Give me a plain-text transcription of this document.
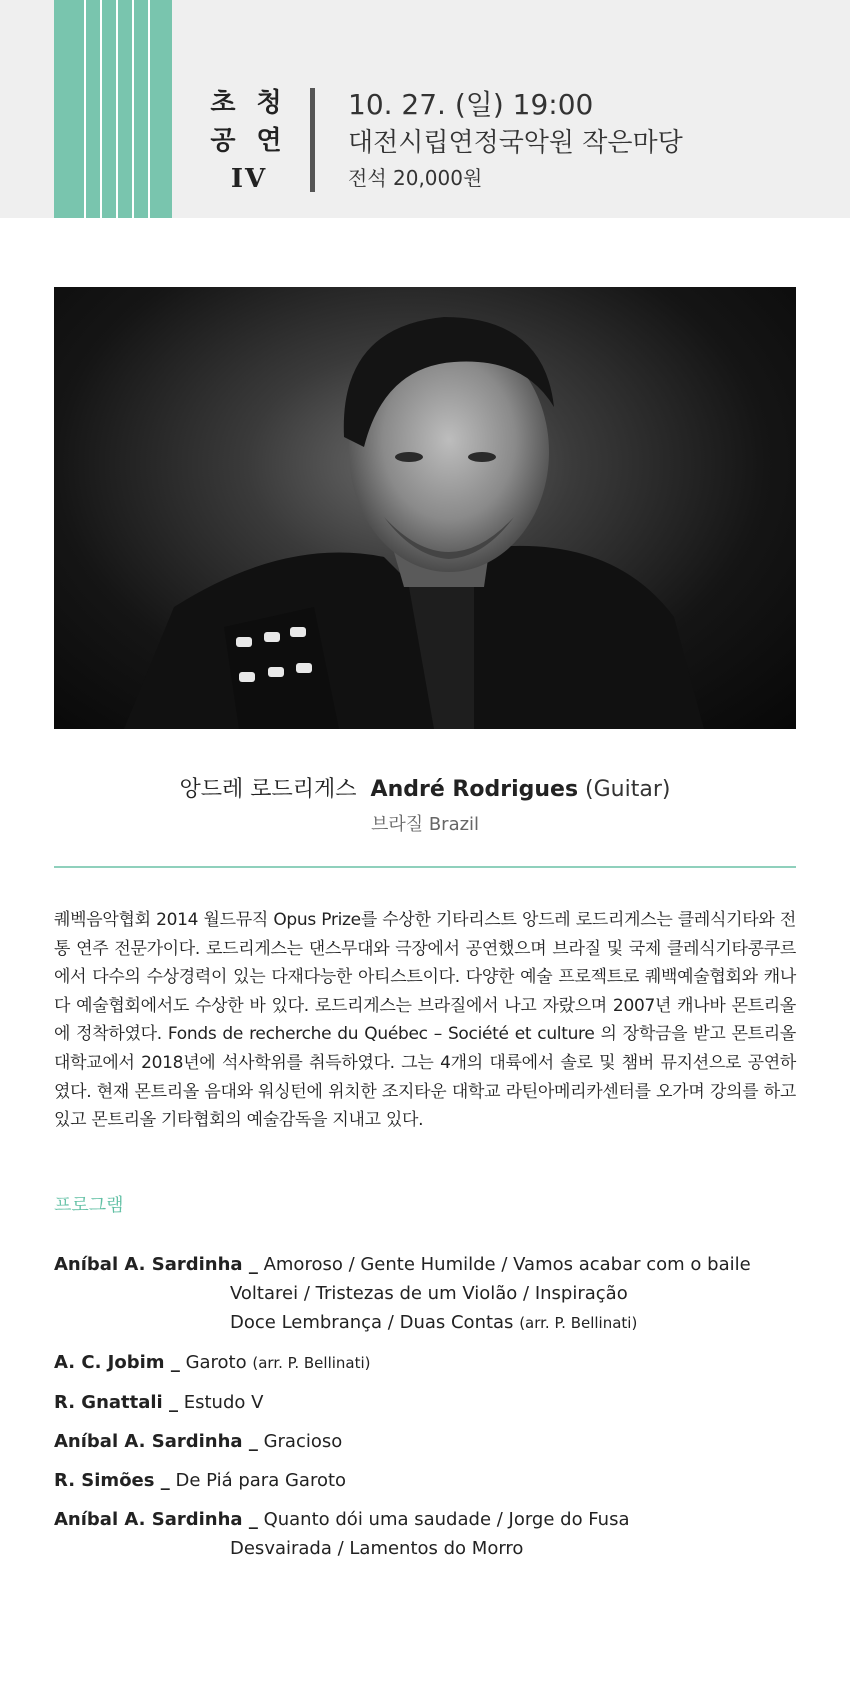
초 청
공 연
IV
10. 27. (일) 19:00
대전시립연정국악원 작은마당
전석 20,000원
앙드레 로드리게스 André Rodrigues (Guitar)
브라질 Brazil

퀘벡음악협회 2014 월드뮤직 Opus Prize를 수상한 기타리스트 앙드레 로드리게스는 클레식기타와 전통 연주 전문가이다. 로드리게스는 댄스무대와 극장에서 공연했으며 브라질 및 국제 클레식기타콩쿠르에서 다수의 수상경력이 있는 다재다능한 아티스트이다. 다양한 예술 프로젝트로 퀘백예술협회와 캐나다 예술협회에서도 수상한 바 있다. 로드리게스는 브라질에서 나고 자랐으며 2007년 캐나바 몬트리올에 정착하였다. Fonds de recherche du Québec – Société et culture 의 장학금을 받고 몬트리올 대학교에서 2018년에 석사학위를 취득하였다. 그는 4개의 대륙에서 솔로 및 챔버 뮤지션으로 공연하였다. 현재 몬트리올 음대와 워싱턴에 위치한 조지타운 대학교 라틴아메리카센터를 오가며 강의를 하고 있고 몬트리올 기타협회의 예술감독을 지내고 있다.

프로그램
Aníbal A. Sardinha _ Amoroso / Gente Humilde / Vamos acabar com o baile
Voltarei / Tristezas de um Violão / Inspiração
Doce Lembrança / Duas Contas (arr. P. Bellinati)
A. C. Jobim _ Garoto (arr. P. Bellinati)
R. Gnattali _ Estudo V
Aníbal A. Sardinha _ Gracioso
R. Simões _ De Piá para Garoto
Aníbal A. Sardinha _ Quanto dói uma saudade / Jorge do Fusa
Desvairada / Lamentos do Morro
